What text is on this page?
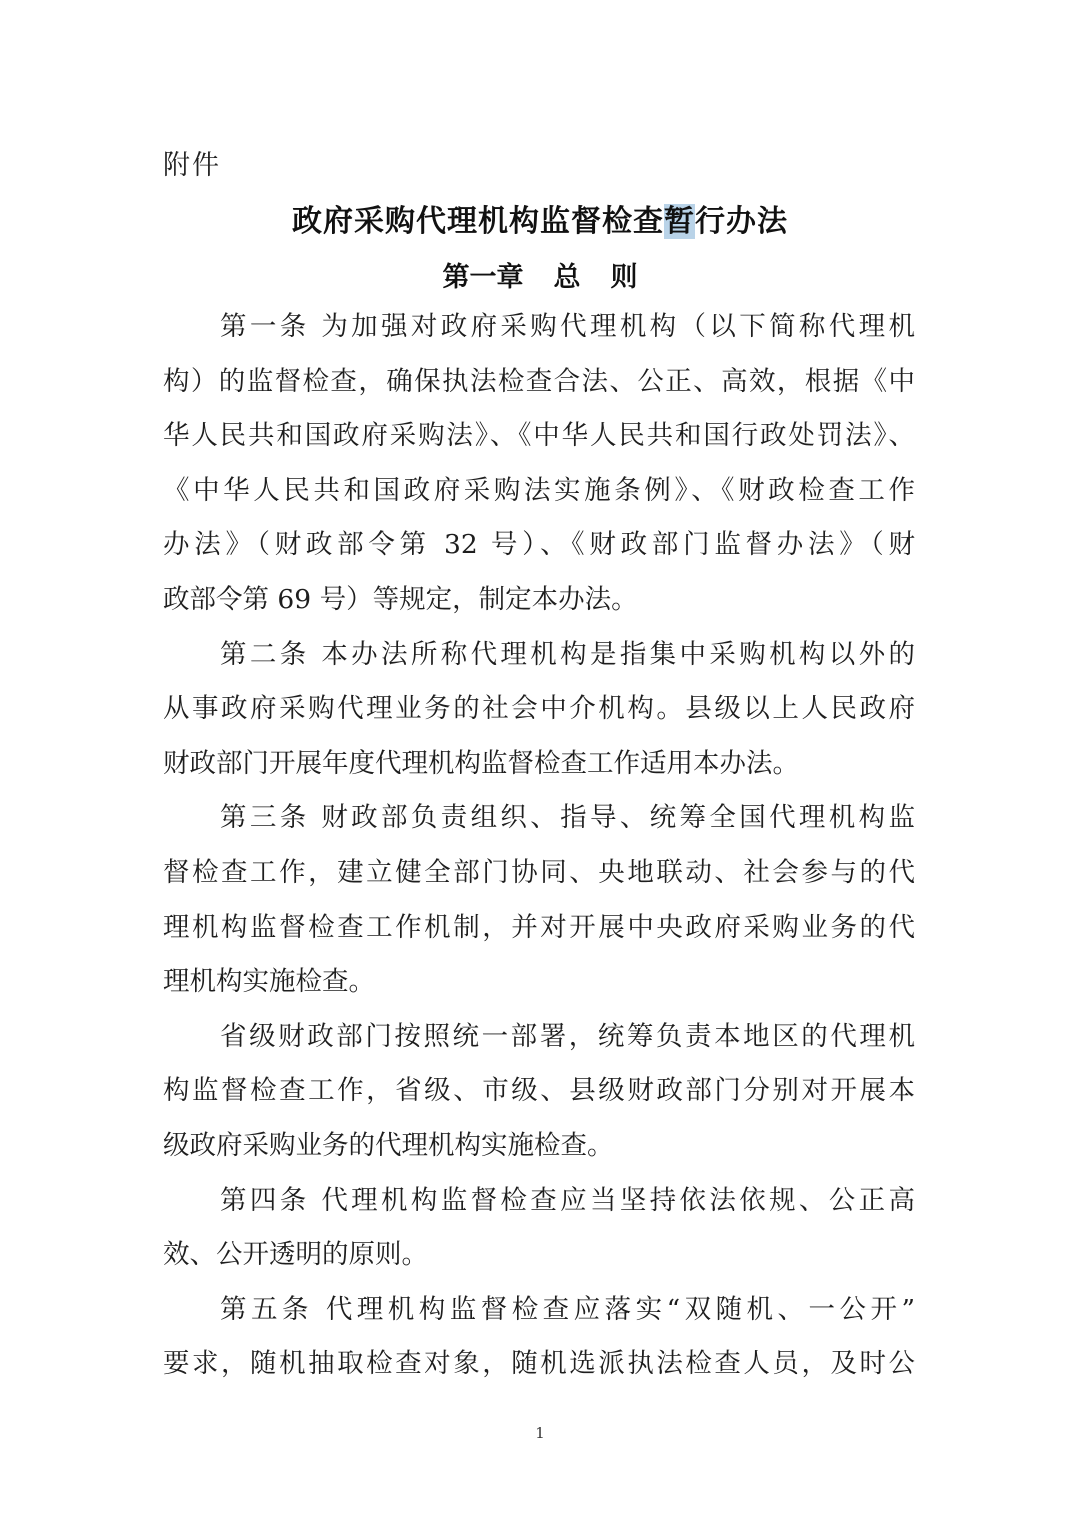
附件
政府采购代理机构监督检查暂行办法
第一章 总 则
第一条 为加强对政府采购代理机构（以下简称代理机
构）的监督检查，确保执法检查合法、公正、高效，根据《中
华人民共和国政府采购法》、《中华人民共和国行政处罚法》、
《中华人民共和国政府采购法实施条例》、《财政检查工作
办法》（财政部令第 32 号）、《财政部门监督办法》（财
政部令第 69 号）等规定，制定本办法。
第二条 本办法所称代理机构是指集中采购机构以外的
从事政府采购代理业务的社会中介机构。县级以上人民政府
财政部门开展年度代理机构监督检查工作适用本办法。
第三条 财政部负责组织、指导、统筹全国代理机构监
督检查工作，建立健全部门协同、央地联动、社会参与的代
理机构监督检查工作机制，并对开展中央政府采购业务的代
理机构实施检查。
省级财政部门按照统一部署，统筹负责本地区的代理机
构监督检查工作，省级、市级、县级财政部门分别对开展本
级政府采购业务的代理机构实施检查。
第四条 代理机构监督检查应当坚持依法依规、公正高
效、公开透明的原则。
第五条 代理机构监督检查应落实“双随机、一公开”
要求，随机抽取检查对象，随机选派执法检查人员，及时公
1
